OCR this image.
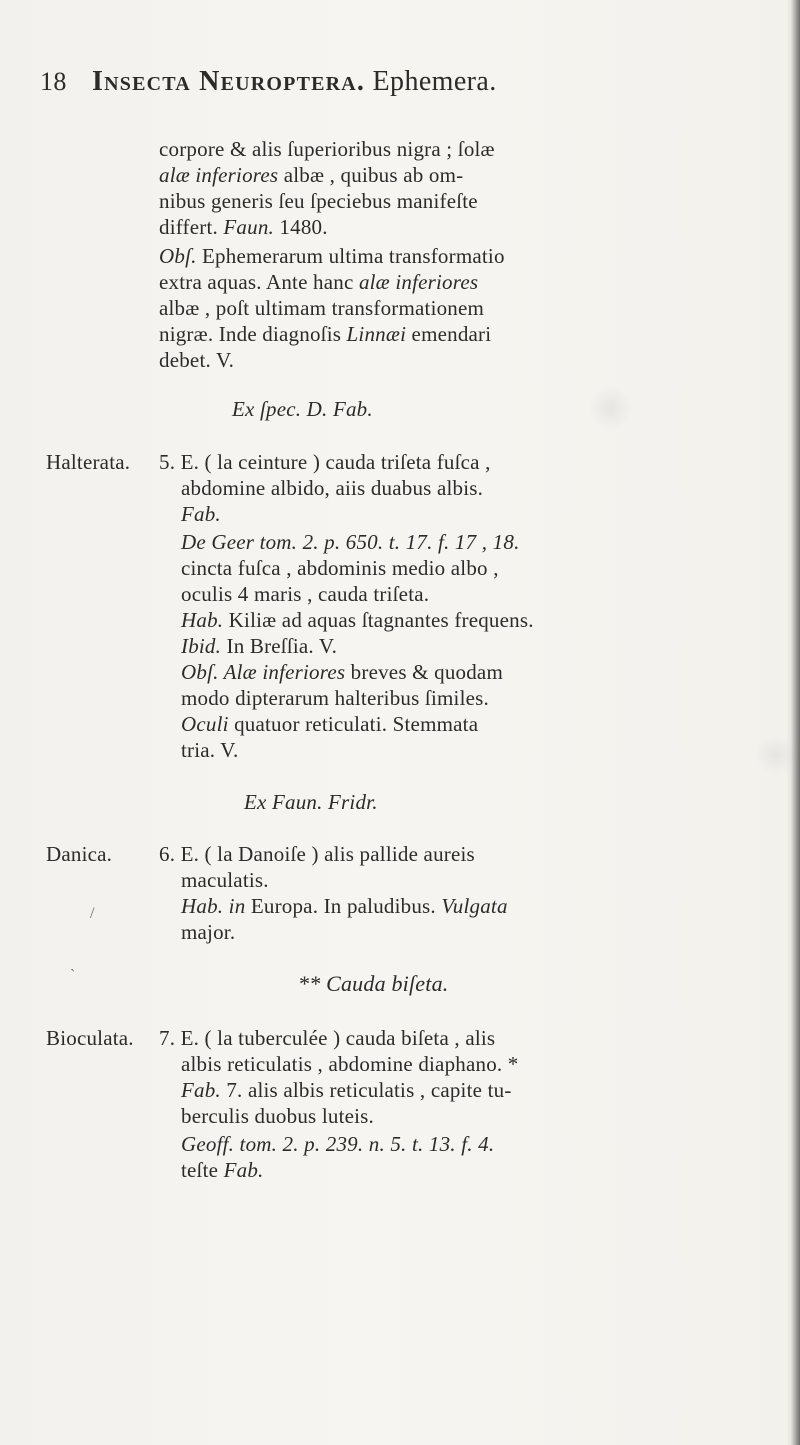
18 Insecta Neuroptera. Ephemera.
corpore & alis ſuperioribus nigra ; ſolæ
alæ inferiores albæ , quibus ab om-
nibus generis ſeu ſpeciebus manifeſte
differt. Faun. 1480.
Obſ. Ephemerarum ultima transformatio
extra aquas. Ante hanc alæ inferiores
albæ , poſt ultimam transformationem
nigræ. Inde diagnoſis Linnæi emendari
debet. V.
Ex ſpec. D. Fab.
Halterata. 5. E. ( la ceinture ) cauda triſeta fuſca ,
abdomine albido, aiis duabus albis.
Fab.
De Geer tom. 2. p. 650. t. 17. f. 17 , 18.
cincta fuſca , abdominis medio albo ,
oculis 4 maris , cauda triſeta.
Hab. Kiliæ ad aquas ſtagnantes frequens.
Ibid. In Breſſia. V.
Obſ. Alæ inferiores breves & quodam
modo dipterarum halteribus ſimiles.
Oculi quatuor reticulati. Stemmata
tria. V.
Ex Faun. Fridr.
Danica. 6. E. ( la Danoiſe ) alis pallide aureis
maculatis.
Hab. in Europa. In paludibus. Vulgata
major.
** Cauda biſeta.
Bioculata. 7. E. ( la tuberculée ) cauda biſeta , alis
albis reticulatis , abdomine diaphano. *
Fab. 7. alis albis reticulatis , capite tu-
berculis duobus luteis.
Geoff. tom. 2. p. 239. n. 5. t. 13. f. 4.
teſte Fab.
/
ˋ
